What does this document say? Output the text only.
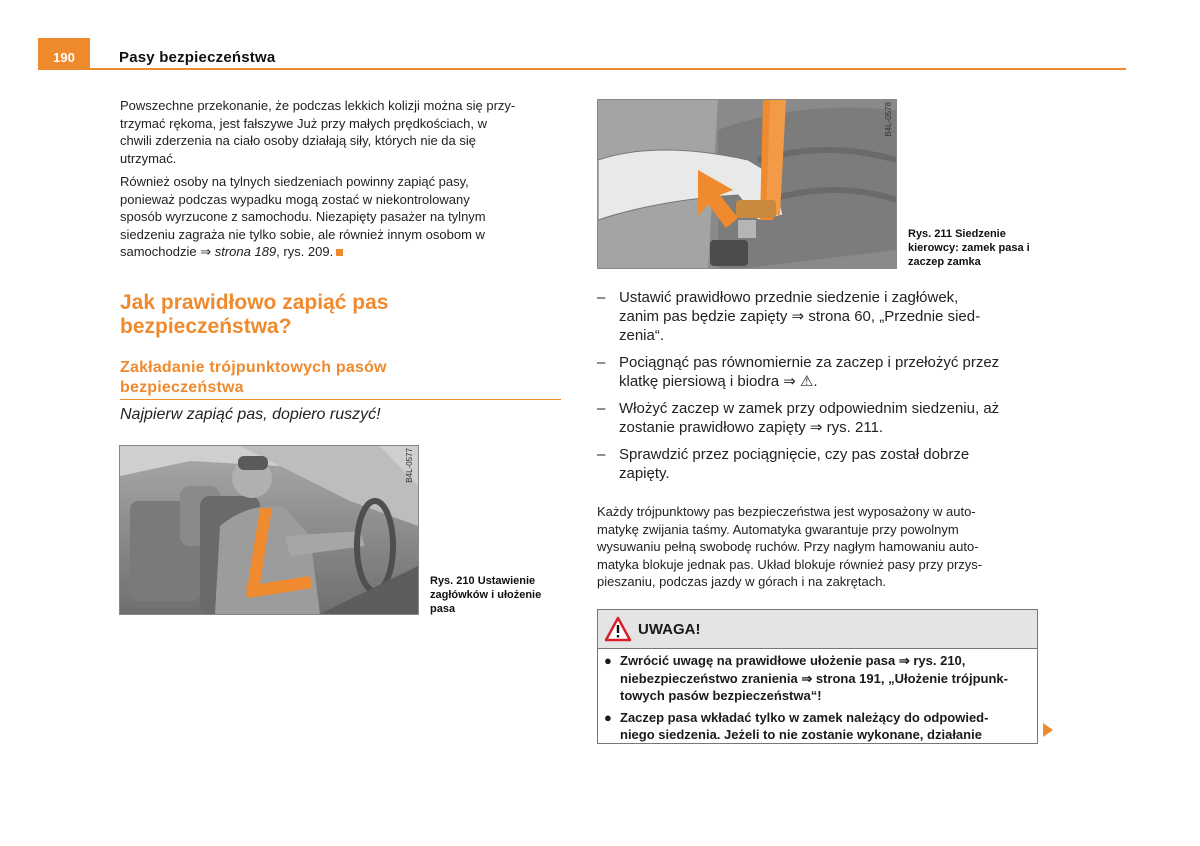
190	Pasy bezpieczeństwa
Powszechne przekonanie, że podczas lekkich kolizji można się przy-
trzymać rękoma, jest fałszywe Już przy małych prędkościach, w
chwili zderzenia na ciało osoby działają siły, których nie da się
utrzymać.
Również osoby na tylnych siedzeniach powinny zapiąć pasy,
ponieważ podczas wypadku mogą zostać w niekontrolowany
sposób wyrzucone z samochodu. Niezapięty pasażer na tylnym
siedzeniu zagraża nie tylko sobie, ale również innym osobom w
samochodzie ⇒ strona 189, rys. 209.
Jak prawidłowo zapiąć pas
bezpieczeństwa?
Zakładanie trójpunktowych pasów
bezpieczeństwa
Najpierw zapiąć pas, dopiero ruszyć!
B4L-0577
Rys. 210 Ustawienie
zagłówków i ułożenie
pasa
B4L-0578
Rys. 211 Siedzenie
kierowcy: zamek pasa i
zaczep zamka
– Ustawić prawidłowo przednie siedzenie i zagłówek,
zanim pas będzie zapięty ⇒ strona 60, „Przednie sied-
zenia“.
– Pociągnąć pas równomiernie za zaczep i przełożyć przez
klatkę piersiową i biodra ⇒ ⚠.
– Włożyć zaczep w zamek przy odpowiednim siedzeniu, aż
zostanie prawidłowo zapięty ⇒ rys. 211.
– Sprawdzić przez pociągnięcie, czy pas został dobrze
zapięty.
Każdy trójpunktowy pas bezpieczeństwa jest wyposażony w auto-
matykę zwijania taśmy. Automatyka gwarantuje przy powolnym
wysuwaniu pełną swobodę ruchów. Przy nagłym hamowaniu auto-
matyka blokuje jednak pas. Układ blokuje również pasy przy przys-
pieszaniu, podczas jazdy w górach i na zakrętach.
UWAGA!
● Zwrócić uwagę na prawidłowe ułożenie pasa ⇒ rys. 210,
niebezpieczeństwo zranienia ⇒ strona 191, „Ułożenie trójpunk-
towych pasów bezpieczeństwa“!
● Zaczep pasa wkładać tylko w zamek należący do odpowied-
niego siedzenia. Jeżeli to nie zostanie wykonane, działanie
